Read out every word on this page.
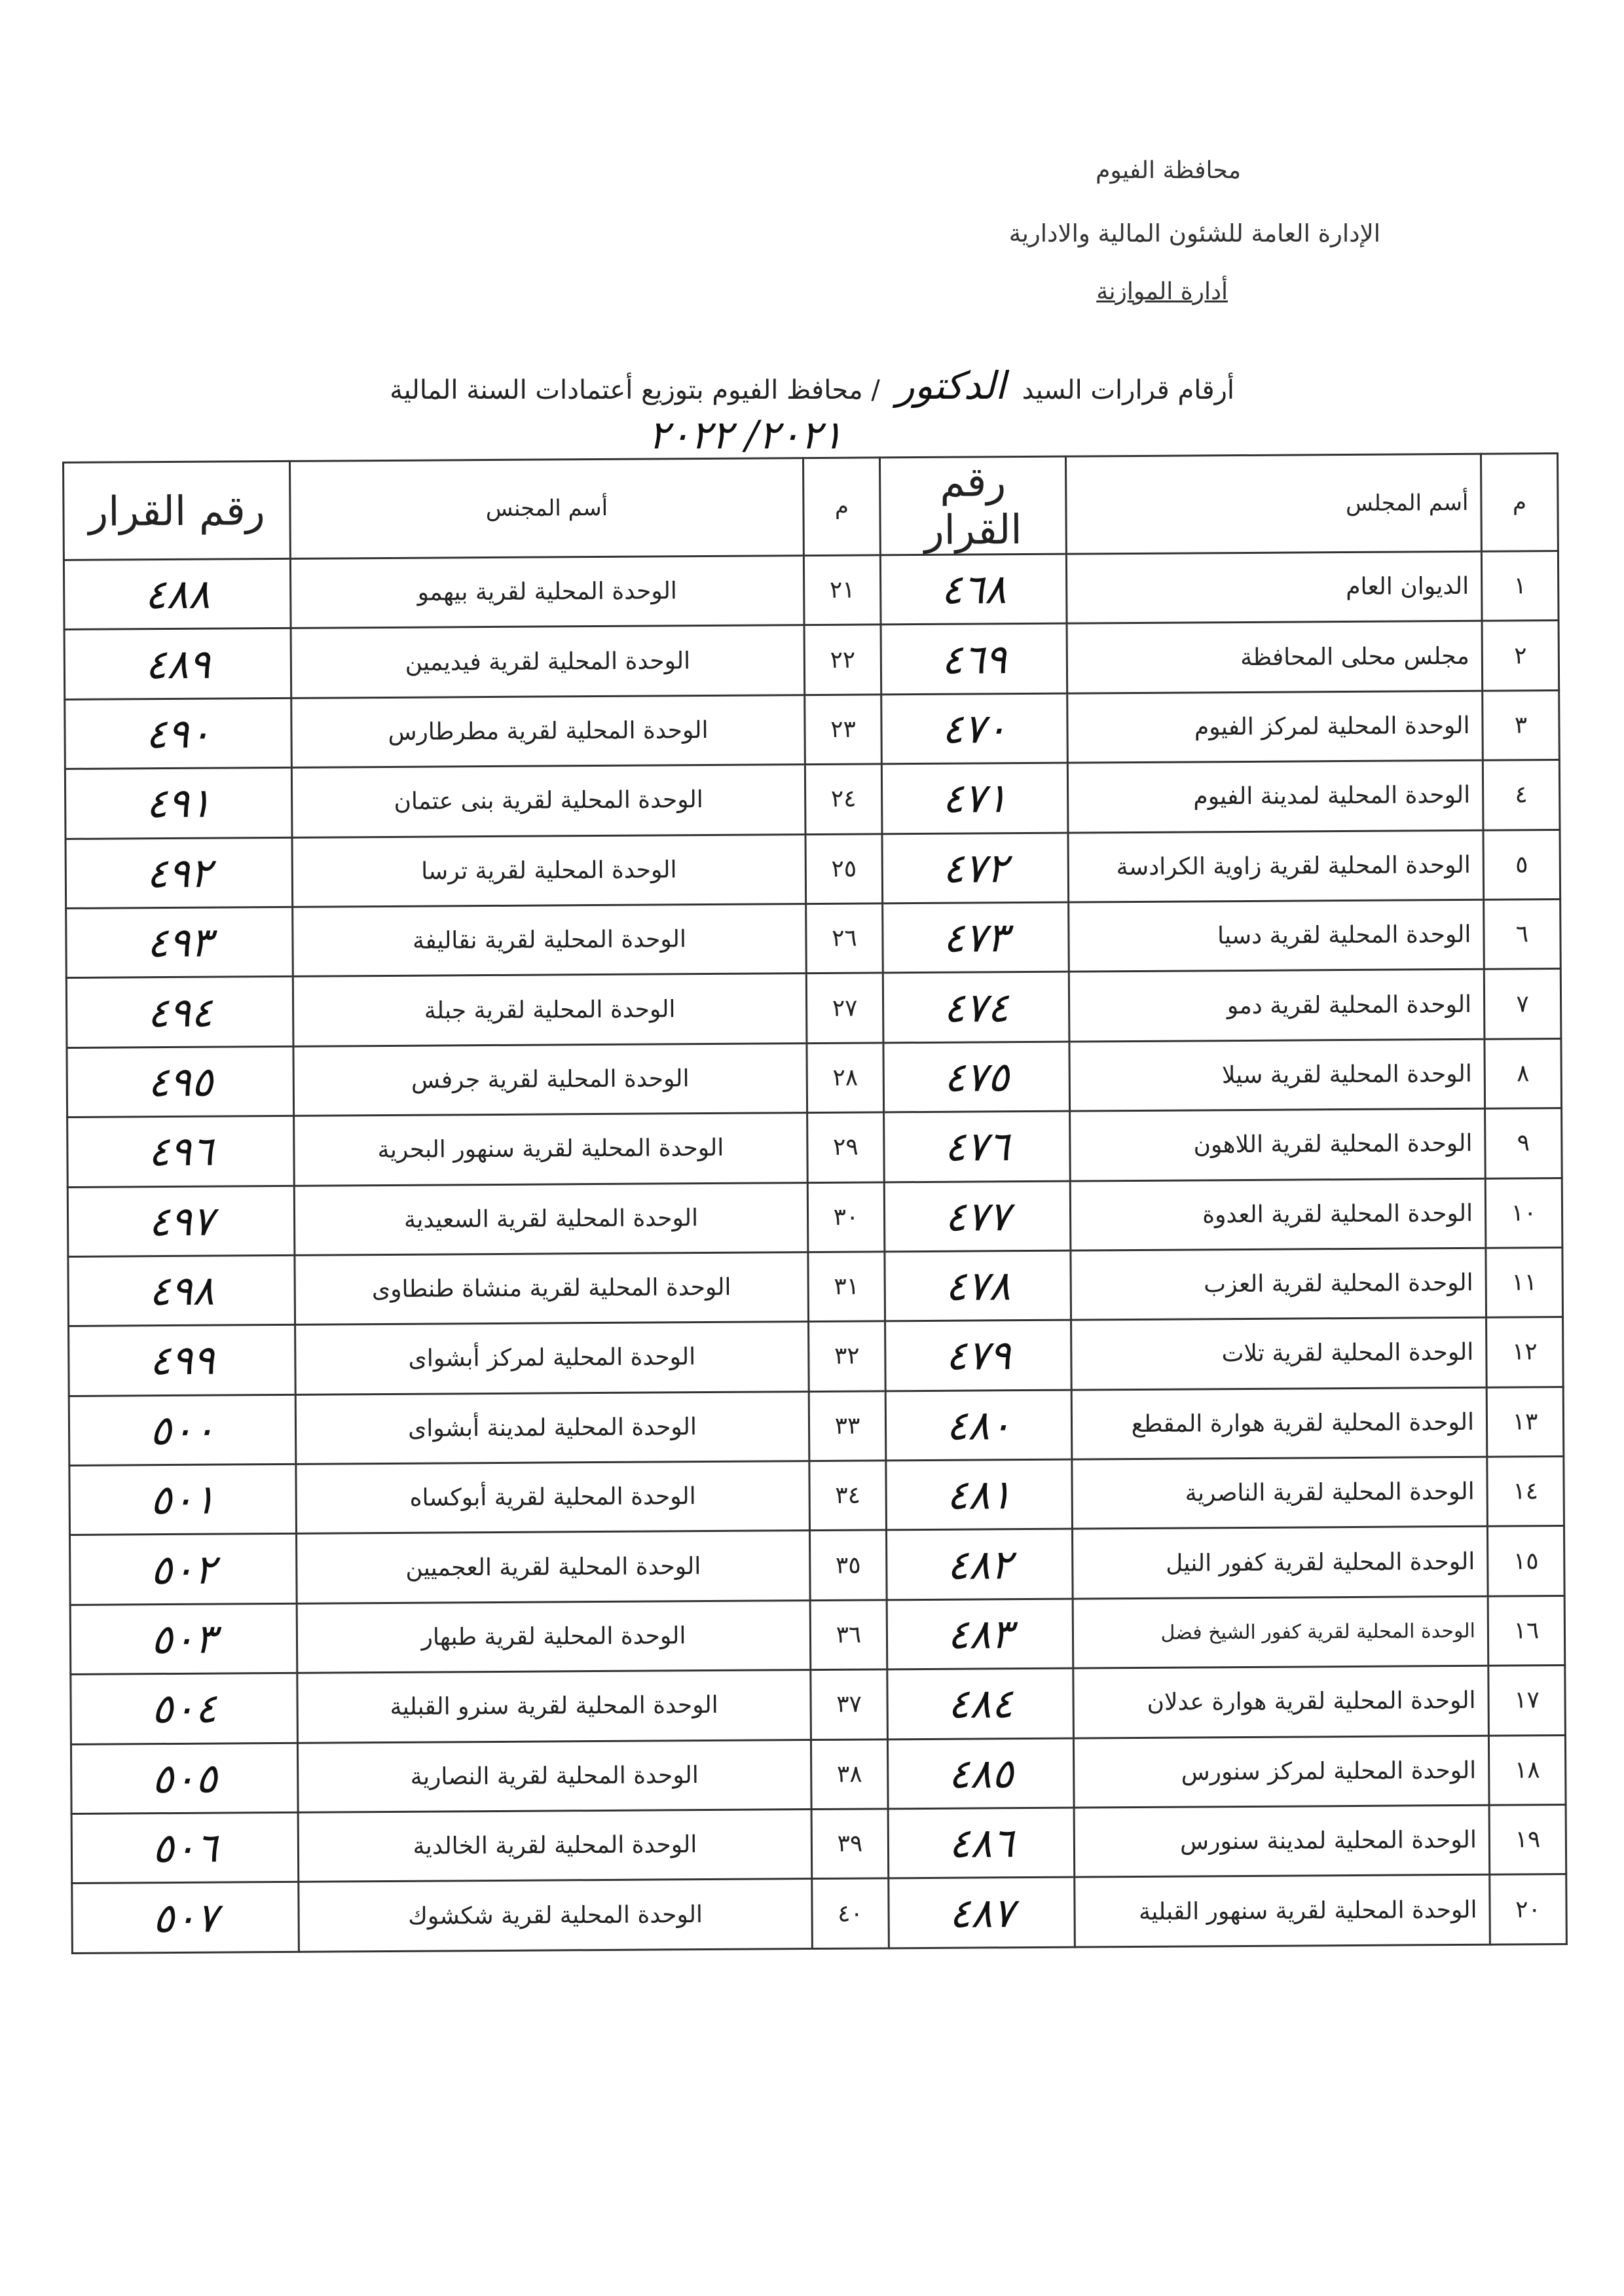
محافظة الفيوم
الإدارة العامة للشئون المالية والادارية
أدارة الموازنة
أرقام قرارات السيد الدكتور / محافظ الفيوم بتوزيع أعتمادات السنة المالية
٢٠٢١/ ٢٠٢٢
م	أسم المجلس	رقم القرار	م	أسم المجنس	رقم القرار
١	الديوان العام	٤٦٨	٢١	الوحدة المحلية لقرية بيهمو	٤٨٨
٢	مجلس محلى المحافظة	٤٦٩	٢٢	الوحدة المحلية لقرية فيديمين	٤٨٩
٣	الوحدة المحلية لمركز الفيوم	٤٧٠	٢٣	الوحدة المحلية لقرية مطرطارس	٤٩٠
٤	الوحدة المحلية لمدينة الفيوم	٤٧١	٢٤	الوحدة المحلية لقرية بنى عتمان	٤٩١
٥	الوحدة المحلية لقرية زاوية الكرادسة	٤٧٢	٢٥	الوحدة المحلية لقرية ترسا	٤٩٢
٦	الوحدة المحلية لقرية دسيا	٤٧٣	٢٦	الوحدة المحلية لقرية نقاليفة	٤٩٣
٧	الوحدة المحلية لقرية دمو	٤٧٤	٢٧	الوحدة المحلية لقرية جبلة	٤٩٤
٨	الوحدة المحلية لقرية سيلا	٤٧٥	٢٨	الوحدة المحلية لقرية جرفس	٤٩٥
٩	الوحدة المحلية لقرية اللاهون	٤٧٦	٢٩	الوحدة المحلية لقرية سنهور البحرية	٤٩٦
١٠	الوحدة المحلية لقرية العدوة	٤٧٧	٣٠	الوحدة المحلية لقرية السعيدية	٤٩٧
١١	الوحدة المحلية لقرية العزب	٤٧٨	٣١	الوحدة المحلية لقرية منشاة طنطاوى	٤٩٨
١٢	الوحدة المحلية لقرية تلات	٤٧٩	٣٢	الوحدة المحلية لمركز أبشواى	٤٩٩
١٣	الوحدة المحلية لقرية هوارة المقطع	٤٨٠	٣٣	الوحدة المحلية لمدينة أبشواى	٥٠٠
١٤	الوحدة المحلية لقرية الناصرية	٤٨١	٣٤	الوحدة المحلية لقرية أبوكساه	٥٠١
١٥	الوحدة المحلية لقرية كفور النيل	٤٨٢	٣٥	الوحدة المحلية لقرية العجميين	٥٠٢
١٦	الوحدة المحلية لقرية كفور الشيخ فضل	٤٨٣	٣٦	الوحدة المحلية لقرية طبهار	٥٠٣
١٧	الوحدة المحلية لقرية هوارة عدلان	٤٨٤	٣٧	الوحدة المحلية لقرية سنرو القبلية	٥٠٤
١٨	الوحدة المحلية لمركز سنورس	٤٨٥	٣٨	الوحدة المحلية لقرية النصارية	٥٠٥
١٩	الوحدة المحلية لمدينة سنورس	٤٨٦	٣٩	الوحدة المحلية لقرية الخالدية	٥٠٦
٢٠	الوحدة المحلية لقرية سنهور القبلية	٤٨٧	٤٠	الوحدة المحلية لقرية شكشوك	٥٠٧
